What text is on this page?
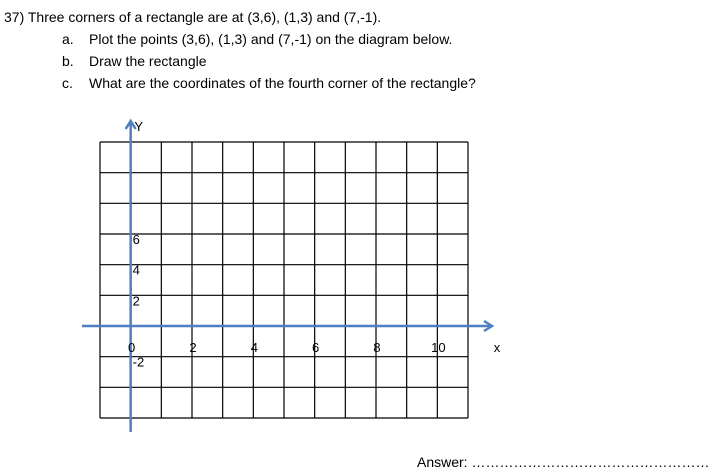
37) Three corners of a rectangle are at (3,6), (1,3) and (7,-1).
a. Plot the points (3,6), (1,3) and (7,-1) on the diagram below.
b. Draw the rectangle
c. What are the coordinates of the fourth corner of the rectangle?
0	2	4	6	8	10
6
4
2
-2
x
Y
Answer: ……………………………………………
